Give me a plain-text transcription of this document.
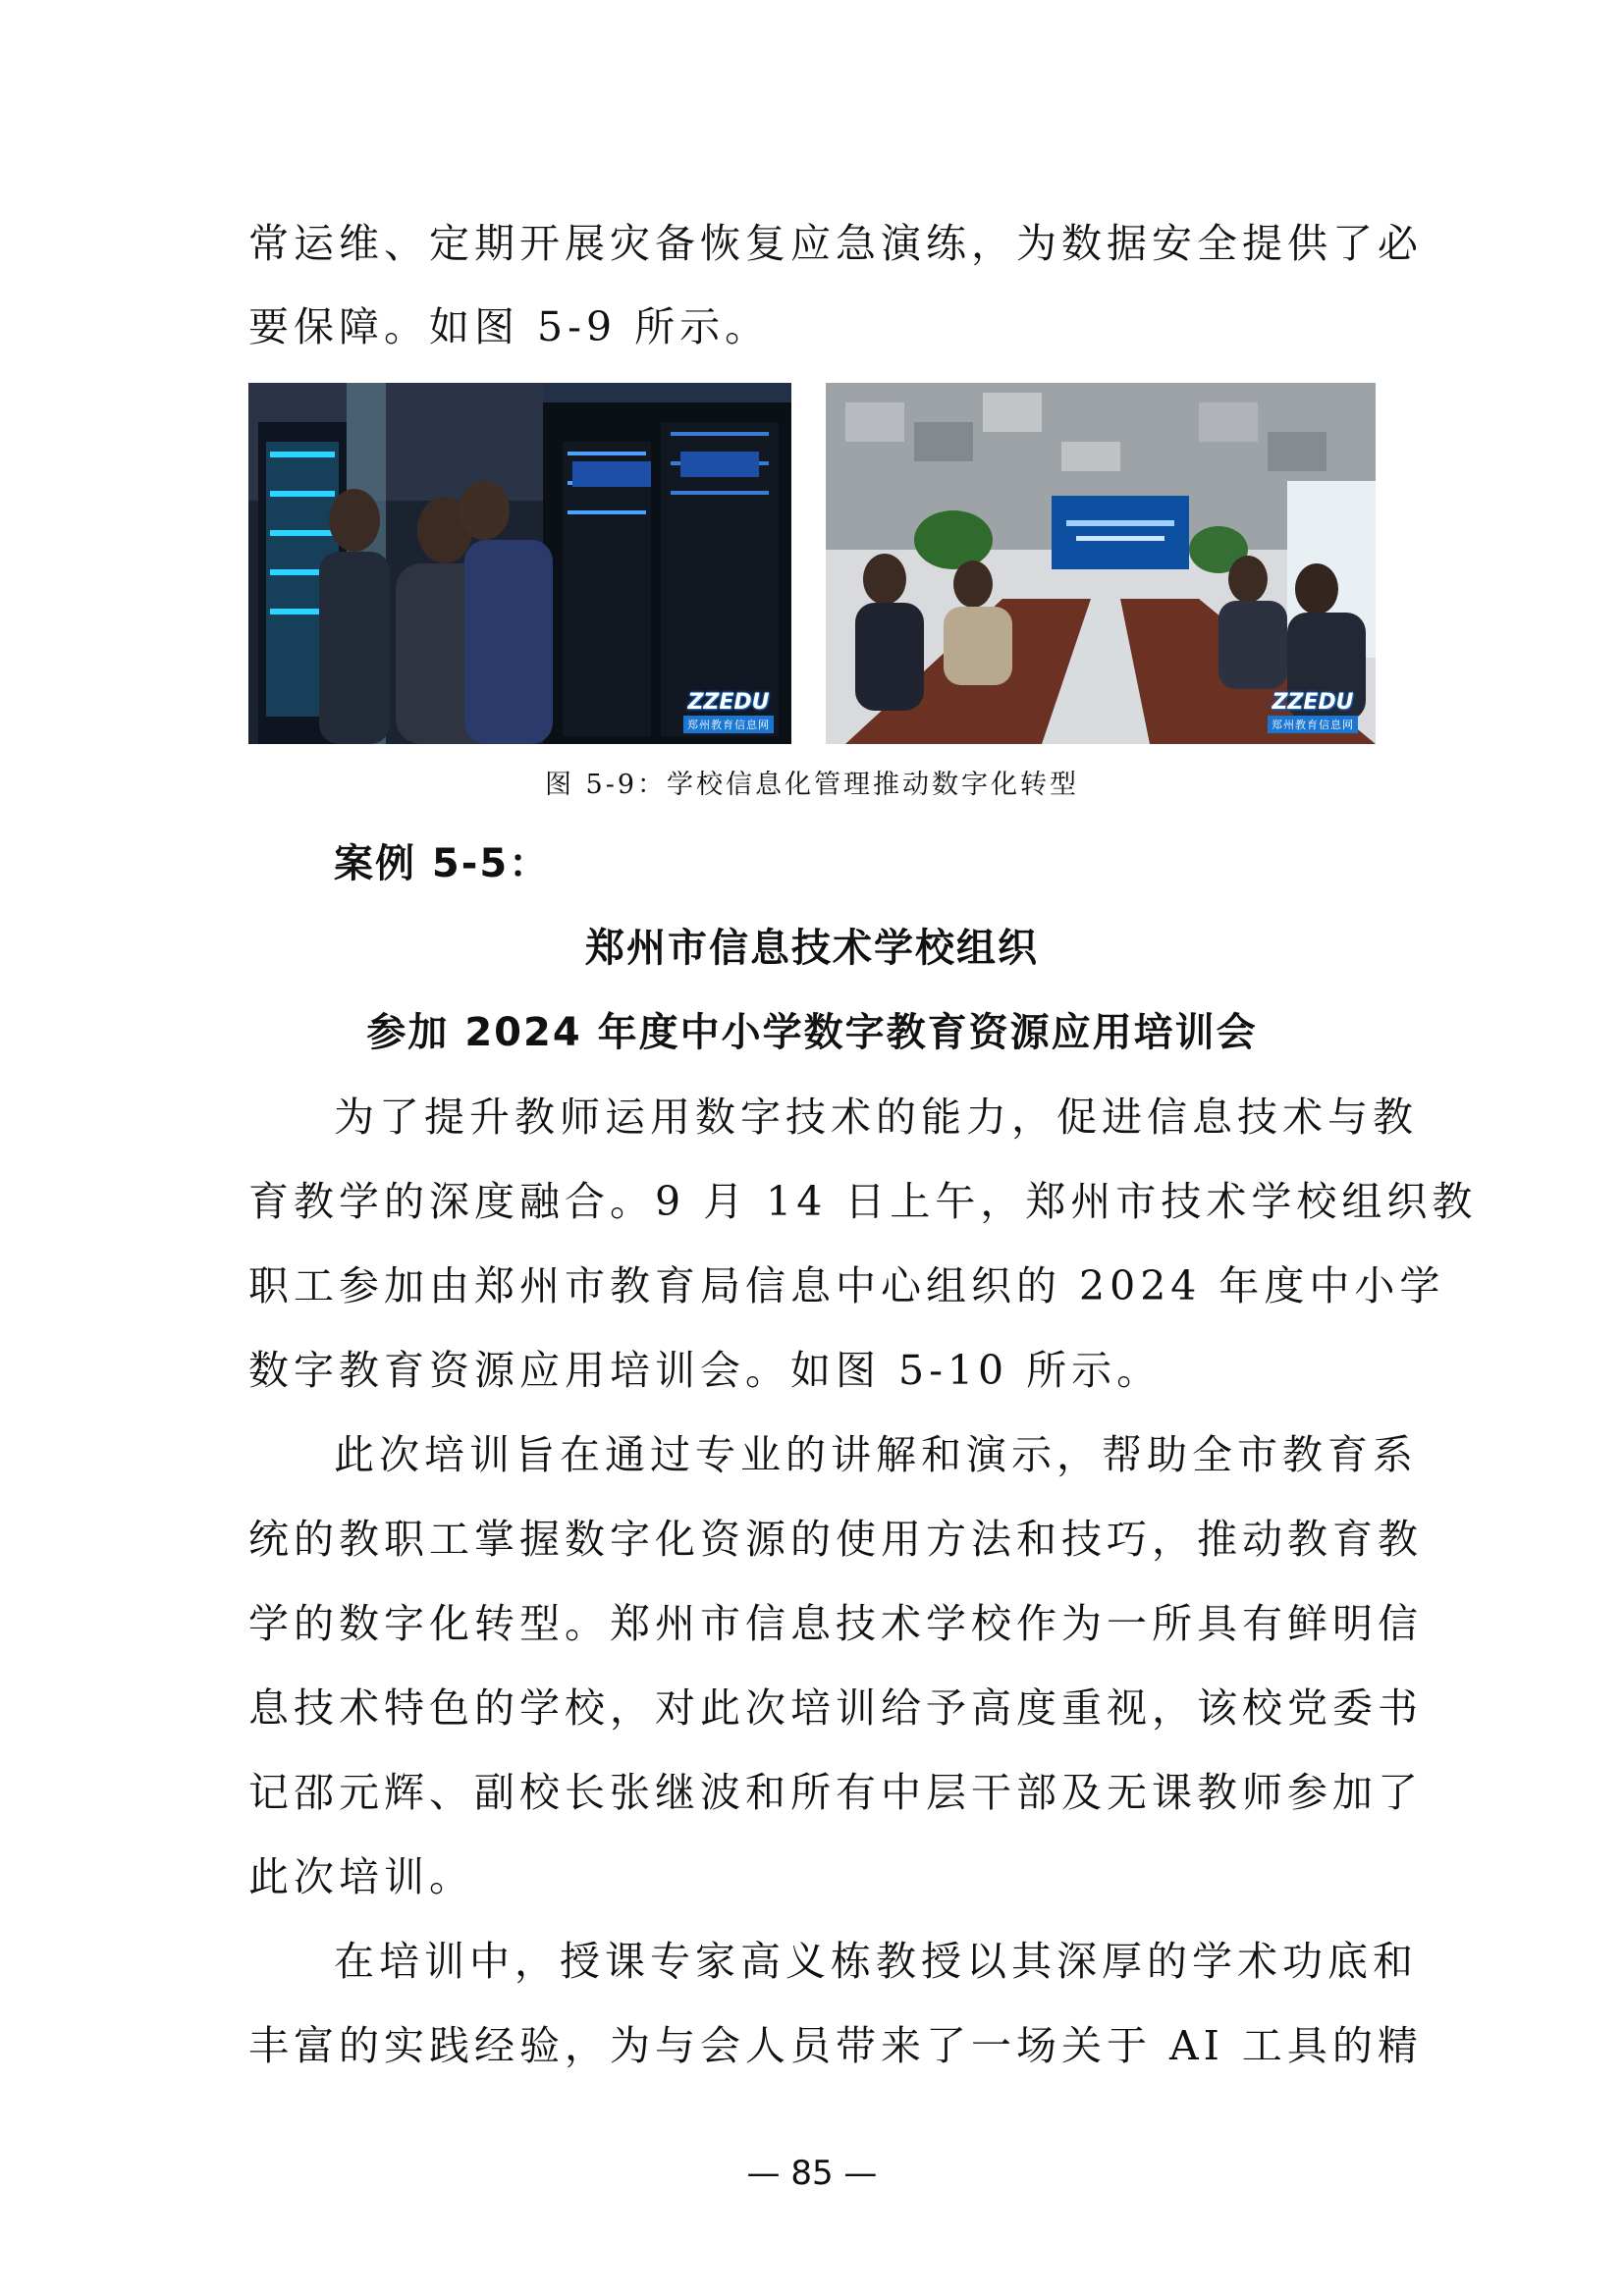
常运维、定期开展灾备恢复应急演练，为数据安全提供了必

要保障。如图 5-9 所示。

ZZEDU
郑州教育信息网
ZZEDU
郑州教育信息网

图 5-9：学校信息化管理推动数字化转型

案例 5-5：

郑州市信息技术学校组织

参加 2024 年度中小学数字教育资源应用培训会

为了提升教师运用数字技术的能力，促进信息技术与教

育教学的深度融合。9 月 14 日上午，郑州市技术学校组织教

职工参加由郑州市教育局信息中心组织的 2024 年度中小学

数字教育资源应用培训会。如图 5-10 所示。

此次培训旨在通过专业的讲解和演示，帮助全市教育系

统的教职工掌握数字化资源的使用方法和技巧，推动教育教

学的数字化转型。郑州市信息技术学校作为一所具有鲜明信

息技术特色的学校，对此次培训给予高度重视，该校党委书

记邵元辉、副校长张继波和所有中层干部及无课教师参加了

此次培训。

在培训中，授课专家高义栋教授以其深厚的学术功底和

丰富的实践经验，为与会人员带来了一场关于 AI 工具的精

— 85 —
